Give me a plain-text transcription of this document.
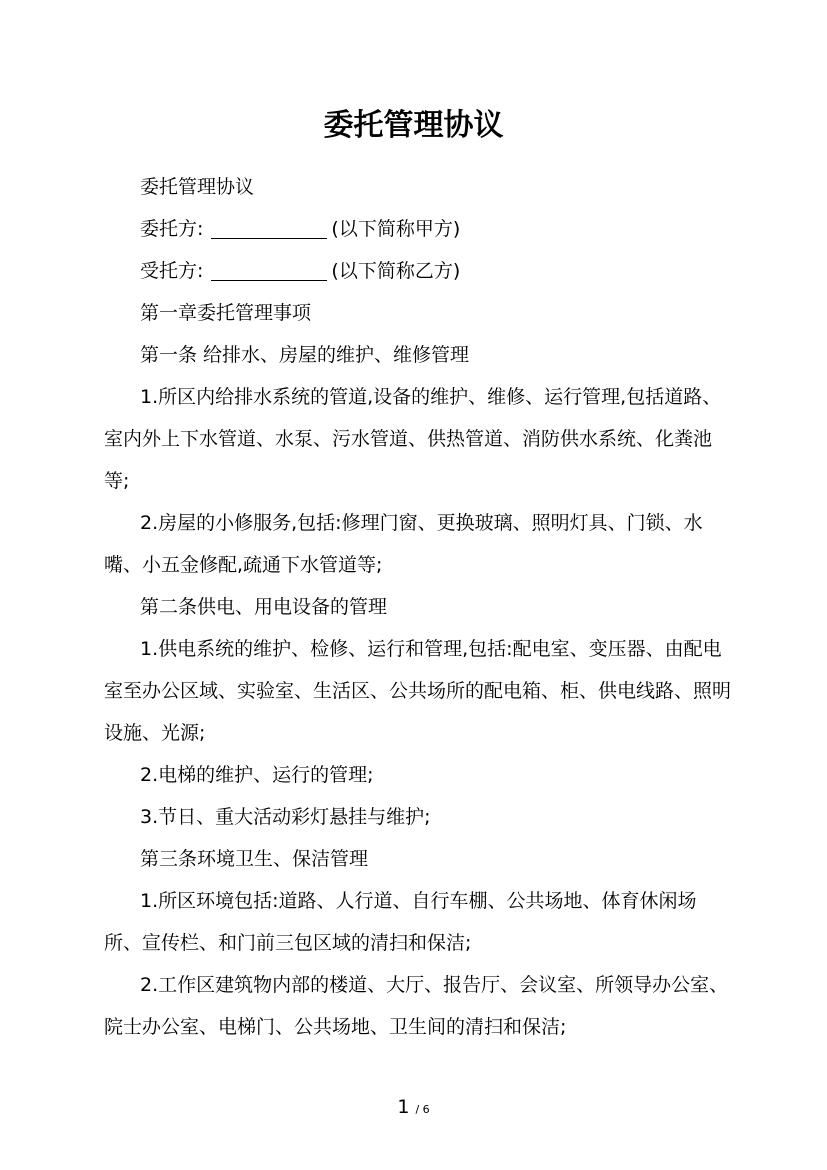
委托管理协议

委托管理协议

委托方:	(以下简称甲方)

受托方:	(以下简称乙方)

第一章委托管理事项

第一条 给排水、房屋的维护、维修管理

1.所区内给排水系统的管道,设备的维护、维修、运行管理,包括道路、室内外上下水管道、水泵、污水管道、供热管道、消防供水系统、化粪池等;

2.房屋的小修服务,包括:修理门窗、更换玻璃、照明灯具、门锁、水嘴、小五金修配,疏通下水管道等;

第二条供电、用电设备的管理

1.供电系统的维护、检修、运行和管理,包括:配电室、变压器、由配电室至办公区域、实验室、生活区、公共场所的配电箱、柜、供电线路、照明设施、光源;

2.电梯的维护、运行的管理;

3.节日、重大活动彩灯悬挂与维护;

第三条环境卫生、保洁管理

1.所区环境包括:道路、人行道、自行车棚、公共场地、体育休闲场所、宣传栏、和门前三包区域的清扫和保洁;

2.工作区建筑物内部的楼道、大厅、报告厅、会议室、所领导办公室、院士办公室、电梯门、公共场地、卫生间的清扫和保洁;

1 / 6
